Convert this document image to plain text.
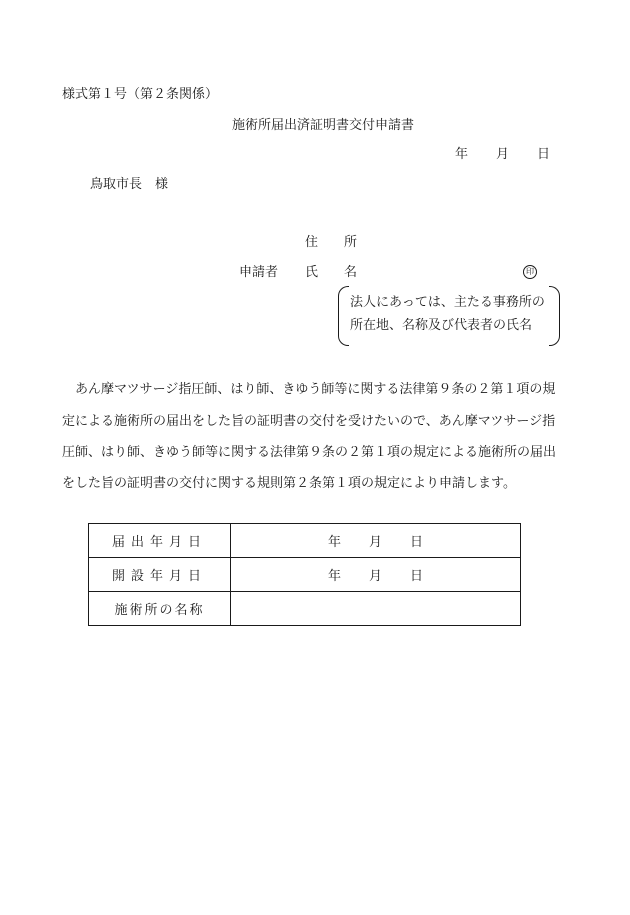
様式第１号（第２条関係）
施術所届出済証明書交付申請書
年 月 日
鳥取市長　様
住所
申請者 氏名	印
法人にあっては、主たる事務所の
所在地、名称及び代表者の氏名
あん摩マツサージ指圧師、はり師、きゆう師等に関する法律第９条の２第１項の規
定による施術所の届出をした旨の証明書の交付を受けたいので、あん摩マツサージ指
圧師、はり師、きゆう師等に関する法律第９条の２第１項の規定による施術所の届出
をした旨の証明書の交付に関する規則第２条第１項の規定により申請します。
届出年月日	年 月 日
開設年月日	年 月 日
施術所の名称	
